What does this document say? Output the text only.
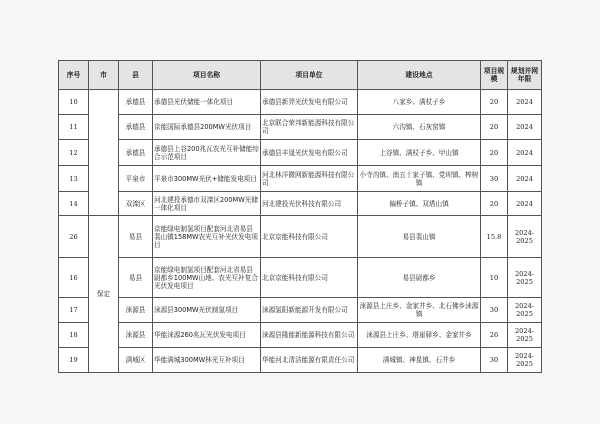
序号	市	县	项目名称	项目单位	建设地点	项目规模	规划并网年限
10		承德县	承德县光伏储能一体化项目	承德县新羿光伏发电有限公司	八家乡、满杖子乡	20	2024
11		承德县	京能国际承德县200MW光伏项目	北京联合荣邦新能源科技有限公司	六沟镇、石灰窑镇	20	2024
12		承德县	承德县上谷200兆瓦农光互补储能综合示范项目	承德县丰晟光伏发电有限公司	上谷镇、满杖子乡、甲山镇	20	2024
13		平泉市	平泉市300MW光伏+储能发电项目	河北林洋微网新能源科技有限公司	小寺沟镇、南五十家子镇、党坝镇、榨树镇	30	2024
14		双滦区	河北建投承德市双滦区200MW光储一体化项目	河北建投光伏科技有限公司	偏桥子镇、双塔山镇	20	2024
26	保定	易县	京能绿电制氢项目配套河北省易县裴山镇158MW农光互补光伏发电项目	北京京能科技有限公司	易县裴山镇	15.8	2024-2025
16		易县	京能绿电制氢项目配套河北省易县尉都乡100MW山地、农光互补复合光伏发电项目	北京京能科技有限公司	易县尉都乡	10	2024-2025
17		涞源县	涞源县300MW光伏制氢项目	涞源氢阳新能源开发有限公司	涞源县上庄乡、金家井乡、北石佛乡涞源镇	30	2024-2025
18		涞源县	华能涞源260兆瓦光伏发电项目	涞源县隆能新能源科技有限公司	涞源县上庄乡、塔崖驿乡、金家井乡	26	2024-2025
19		满城区	华能满城300MW林光互补项目	华能河北清洁能源有限责任公司	满城镇、神星镇、石井乡	30	2024-2025
